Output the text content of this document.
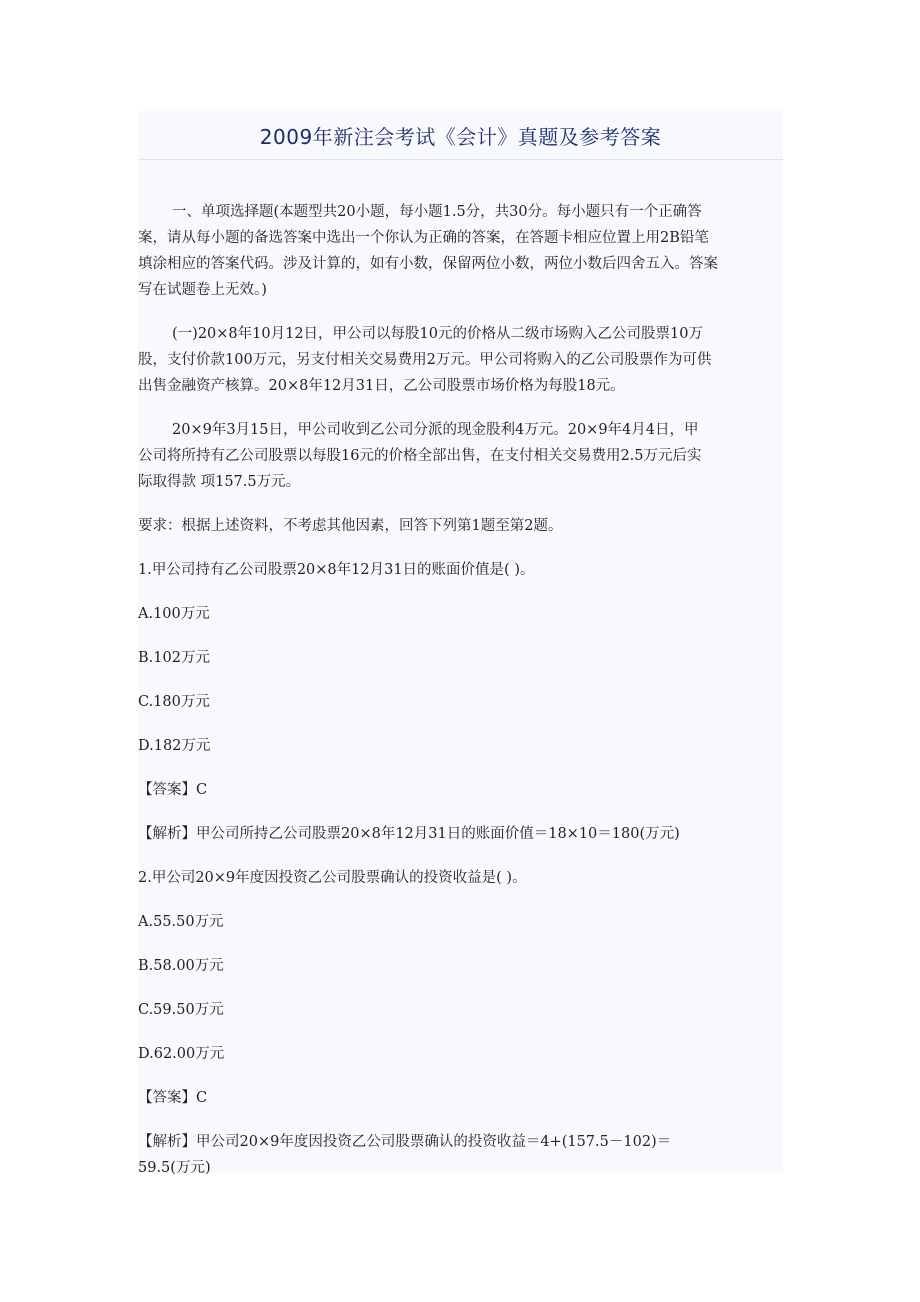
2009年新注会考试《会计》真题及参考答案

一、单项选择题(本题型共20小题，每小题1.5分，共30分。每小题只有一个正确答

案，请从每小题的备选答案中选出一个你认为正确的答案，在答题卡相应位置上用2B铅笔
填涂相应的答案代码。涉及计算的，如有小数，保留两位小数，两位小数后四舍五入。答案
写在试题卷上无效。)

(一)20×8年10月12日，甲公司以每股10元的价格从二级市场购入乙公司股票10万

股，支付价款100万元，另支付相关交易费用2万元。甲公司将购入的乙公司股票作为可供
出售金融资产核算。20×8年12月31日，乙公司股票市场价格为每股18元。

20×9年3月15日，甲公司收到乙公司分派的现金股利4万元。20×9年4月4日，甲

公司将所持有乙公司股票以每股16元的价格全部出售，在支付相关交易费用2.5万元后实
际取得款 项157.5万元。

要求：根据上述资料，不考虑其他因素，回答下列第1题至第2题。

1.甲公司持有乙公司股票20×8年12月31日的账面价值是( )。

A.100万元

B.102万元

C.180万元

D.182万元

【答案】C

【解析】甲公司所持乙公司股票20×8年12月31日的账面价值＝18×10＝180(万元)

2.甲公司20×9年度因投资乙公司股票确认的投资收益是( )。

A.55.50万元

B.58.00万元

C.59.50万元

D.62.00万元

【答案】C

【解析】甲公司20×9年度因投资乙公司股票确认的投资收益＝4+(157.5－102)＝

59.5(万元)
